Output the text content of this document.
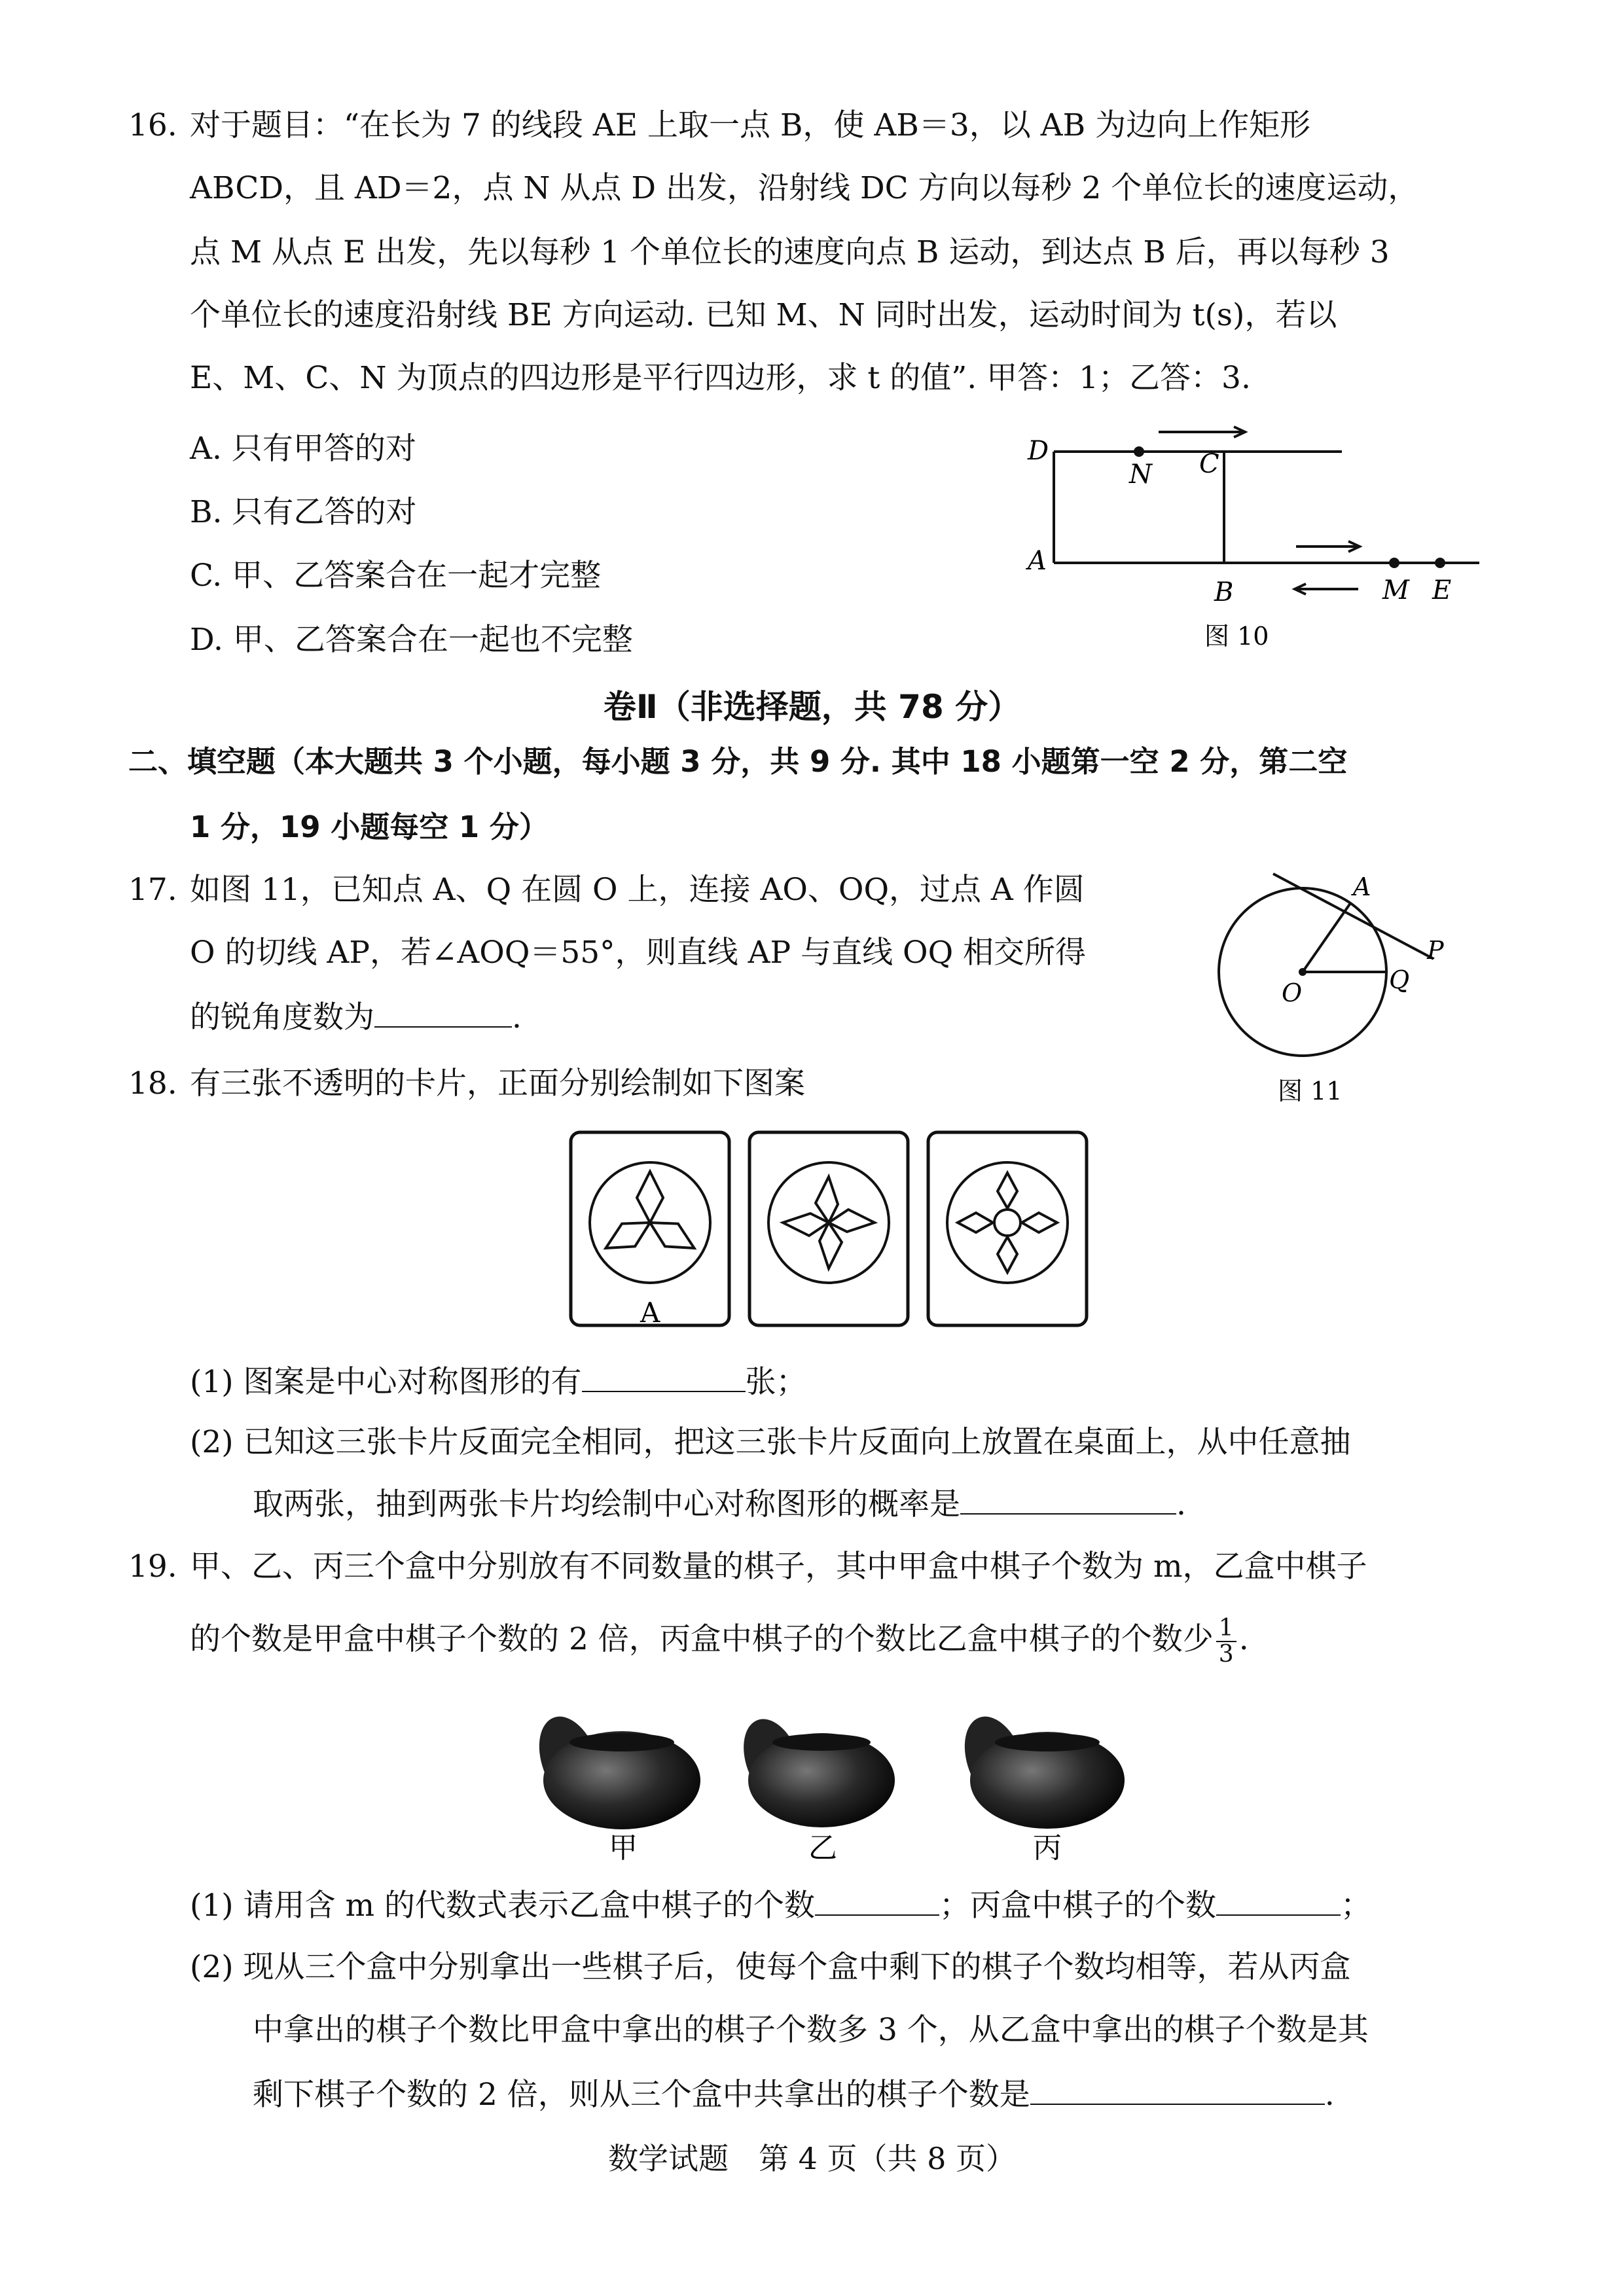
16. 对于题目：“在长为 7 的线段 AE 上取一点 B，使 AB＝3，以 AB 为边向上作矩形
ABCD，且 AD＝2，点 N 从点 D 出发，沿射线 DC 方向以每秒 2 个单位长的速度运动，
点 M 从点 E 出发，先以每秒 1 个单位长的速度向点 B 运动，到达点 B 后，再以每秒 3
个单位长的速度沿射线 BE 方向运动. 已知 M、N 同时出发，运动时间为 t(s)，若以
E、M、C、N 为顶点的四边形是平行四边形，求 t 的值”. 甲答：1；乙答：3.
A. 只有甲答的对
B. 只有乙答的对
C. 甲、乙答案合在一起才完整
D. 甲、乙答案合在一起也不完整
D
N C
A
B	M E
图 10
卷Ⅱ（非选择题，共 78 分）
二、填空题（本大题共 3 个小题，每小题 3 分，共 9 分. 其中 18 小题第一空 2 分，第二空
1 分，19 小题每空 1 分）
17. 如图 11，已知点 A、Q 在圆 O 上，连接 AO、OQ，过点 A 作圆
O 的切线 AP，若∠AOQ＝55°，则直线 AP 与直线 OQ 相交所得
的锐角度数为	.
A
O	Q
P
图 11
18. 有三张不透明的卡片，正面分别绘制如下图案
A
(1) 图案是中心对称图形的有	张；
(2) 已知这三张卡片反面完全相同，把这三张卡片反面向上放置在桌面上，从中任意抽
取两张，抽到两张卡片均绘制中心对称图形的概率是	.
19. 甲、乙、丙三个盒中分别放有不同数量的棋子，其中甲盒中棋子个数为 m，乙盒中棋子
的个数是甲盒中棋子个数的 2 倍，丙盒中棋子的个数比乙盒中棋子的个数少 $\frac{1}{3}$ .
甲	乙	丙
(1) 请用含 m 的代数式表示乙盒中棋子的个数	；丙盒中棋子的个数	；
(2) 现从三个盒中分别拿出一些棋子后，使每个盒中剩下的棋子个数均相等，若从丙盒
中拿出的棋子个数比甲盒中拿出的棋子个数多 3 个，从乙盒中拿出的棋子个数是其
剩下棋子个数的 2 倍，则从三个盒中共拿出的棋子个数是	.
数学试题　第 4 页（共 8 页）
